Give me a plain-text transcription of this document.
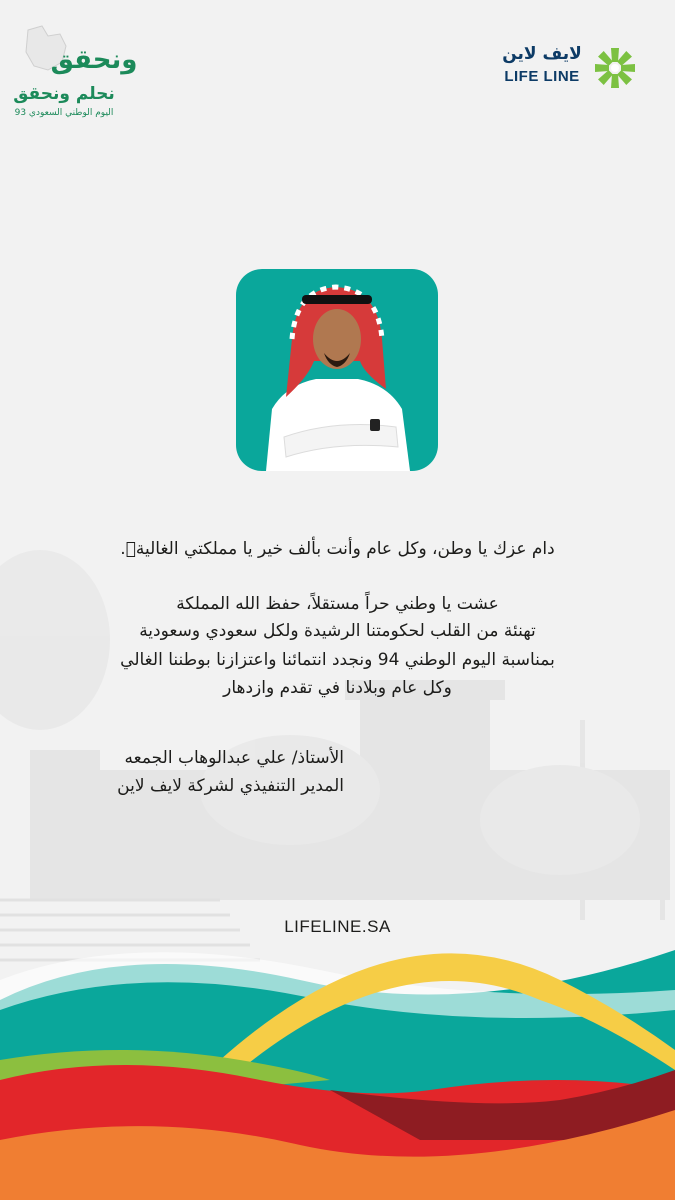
ونحقق
نحلم ونحقق
اليوم الوطني السعودي 93
لايف لاين
LIFE LINE
دام عزك يا وطن، وكل عام وأنت بألف خير يا مملكتي الغالية٘.
عشت يا وطني حراً مستقلاً، حفظ الله المملكة
تهنئة من القلب لحكومتنا الرشيدة ولكل سعودي وسعودية
بمناسبة اليوم الوطني 94 ونجدد انتمائنا واعتزازنا بوطننا الغالي
وكل عام وبلادنا في تقدم وازدهار
الأستاذ/ علي عبدالوهاب الجمعه
المدير التنفيذي لشركة لايف لاين
LIFELINE.SA
